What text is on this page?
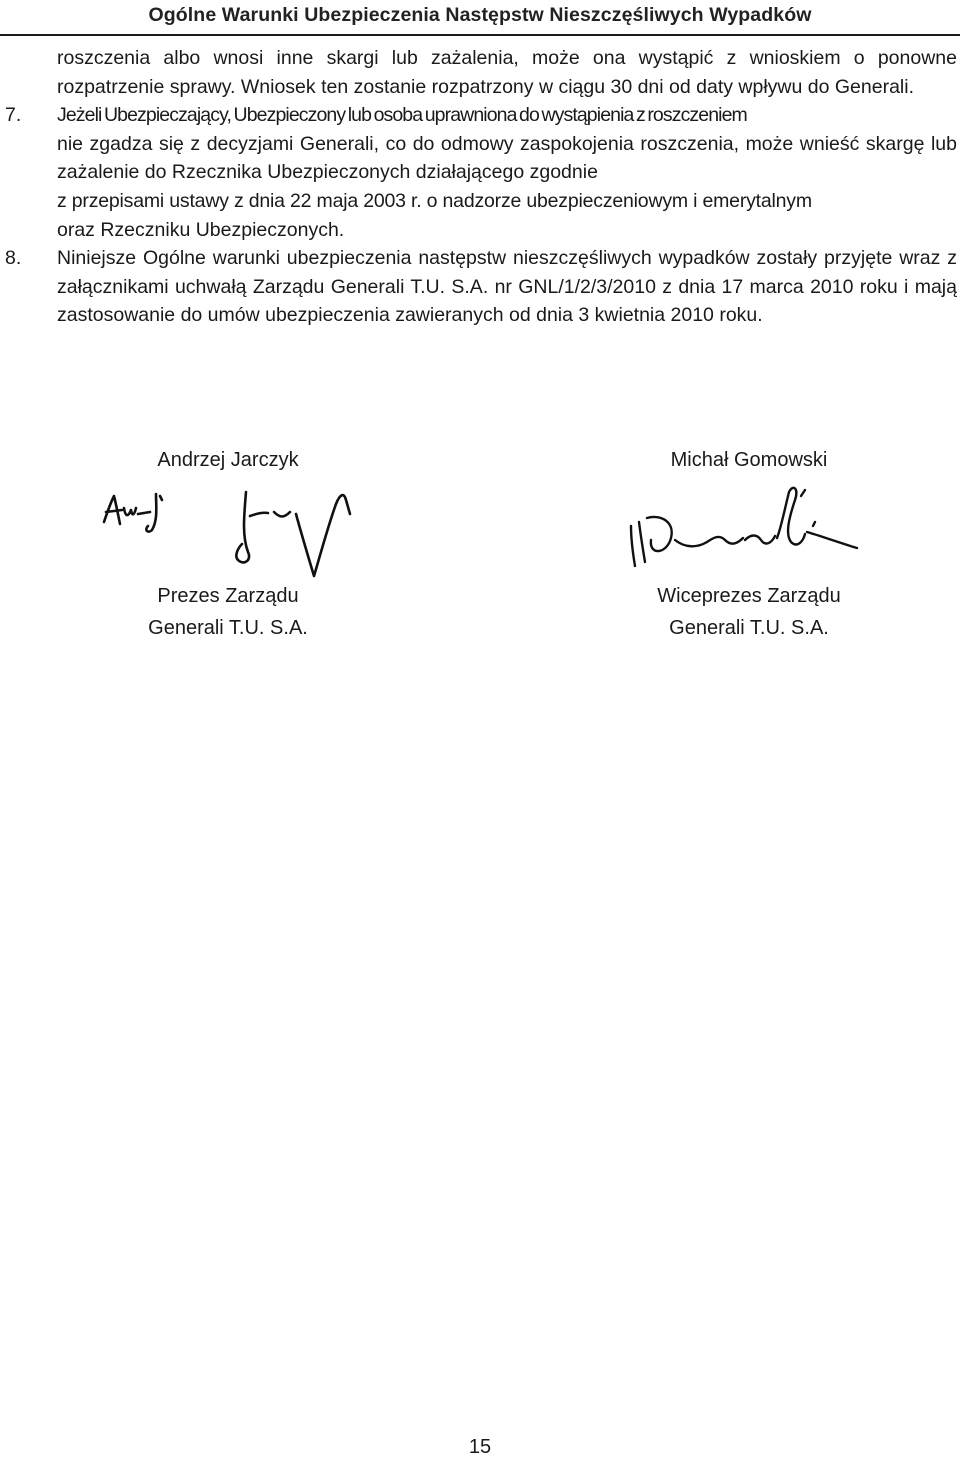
Ogólne Warunki Ubezpieczenia Następstw Nieszczęśliwych Wypadków

roszczenia albo wnosi inne skargi lub zażalenia, może ona wystąpić z wnioskiem o ponowne rozpatrzenie sprawy. Wniosek ten zostanie rozpatrzony w ciągu 30 dni od daty wpływu do Generali.

7. Jeżeli Ubezpieczający, Ubezpieczony lub osoba uprawniona do wystąpienia z roszczeniem

nie zgadza się z decyzjami Generali, co do odmowy zaspokojenia roszczenia, może wnieść skargę lub zażalenie do Rzecznika Ubezpieczonych działającego zgodnie

z przepisami ustawy z dnia 22 maja 2003 r. o nadzorze ubezpieczeniowym i emerytalnym

oraz Rzeczniku Ubezpieczonych.

8. Niniejsze Ogólne warunki ubezpieczenia następstw nieszczęśliwych wypadków zostały przyjęte wraz z załącznikami uchwałą Zarządu Generali T.U. S.A. nr GNL/1/2/3/2010 z dnia 17 marca 2010 roku i mają zastosowanie do umów ubezpieczenia zawieranych od dnia 3 kwietnia 2010 roku.

Andrzej Jarczyk
Prezes Zarządu
Generali T.U. S.A.
Michał Gomowski
Wiceprezes Zarządu
Generali T.U. S.A.
15
